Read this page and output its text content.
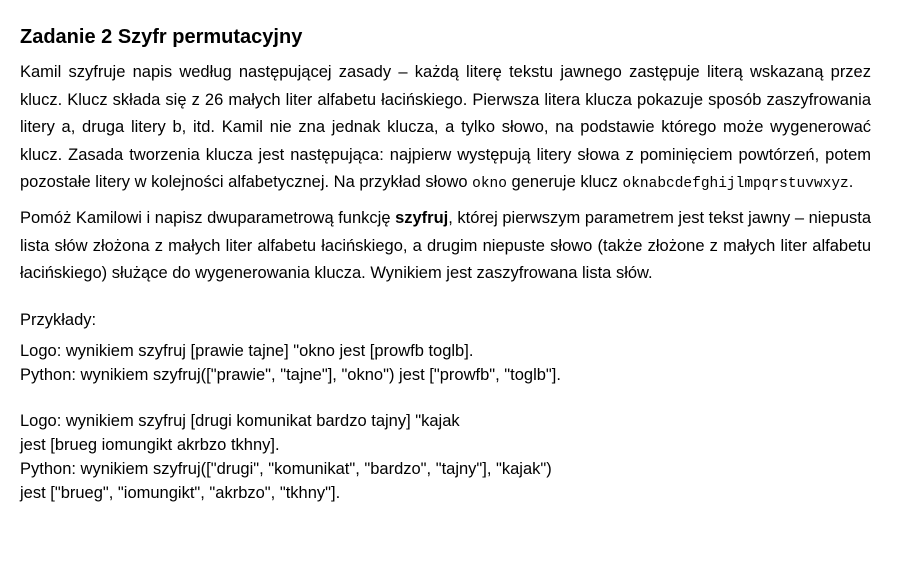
Zadanie 2 Szyfr permutacyjny

Kamil szyfruje napis według następującej zasady – każdą literę tekstu jawnego zastępuje literą wskazaną przez klucz. Klucz składa się z 26 małych liter alfabetu łacińskiego. Pierwsza litera klucza pokazuje sposób zaszyfrowania litery a, druga litery b, itd. Kamil nie zna jednak klucza, a tylko słowo, na podstawie którego może wygenerować klucz. Zasada tworzenia klucza jest następująca: najpierw występują litery słowa z pominięciem powtórzeń, potem pozostałe litery w kolejności alfabetycznej. Na przykład słowo okno generuje klucz oknabcdefghijlmpqrstuvwxyz.

Pomóż Kamilowi i napisz dwuparametrową funkcję szyfruj, której pierwszym parametrem jest tekst jawny – niepusta lista słów złożona z małych liter alfabetu łacińskiego, a drugim niepuste słowo (także złożone z małych liter alfabetu łacińskiego) służące do wygenerowania klucza. Wynikiem jest zaszyfrowana lista słów.

Przykłady:
Logo: wynikiem szyfruj [prawie tajne] "okno jest [prowfb toglb].
Python: wynikiem szyfruj(["prawie", "tajne"], "okno") jest ["prowfb", "toglb"].
Logo: wynikiem szyfruj [drugi komunikat bardzo tajny] "kajak
jest [brueg iomungikt akrbzo tkhny].
Python: wynikiem szyfruj(["drugi", "komunikat", "bardzo", "tajny"], "kajak")
jest ["brueg", "iomungikt", "akrbzo", "tkhny"].
